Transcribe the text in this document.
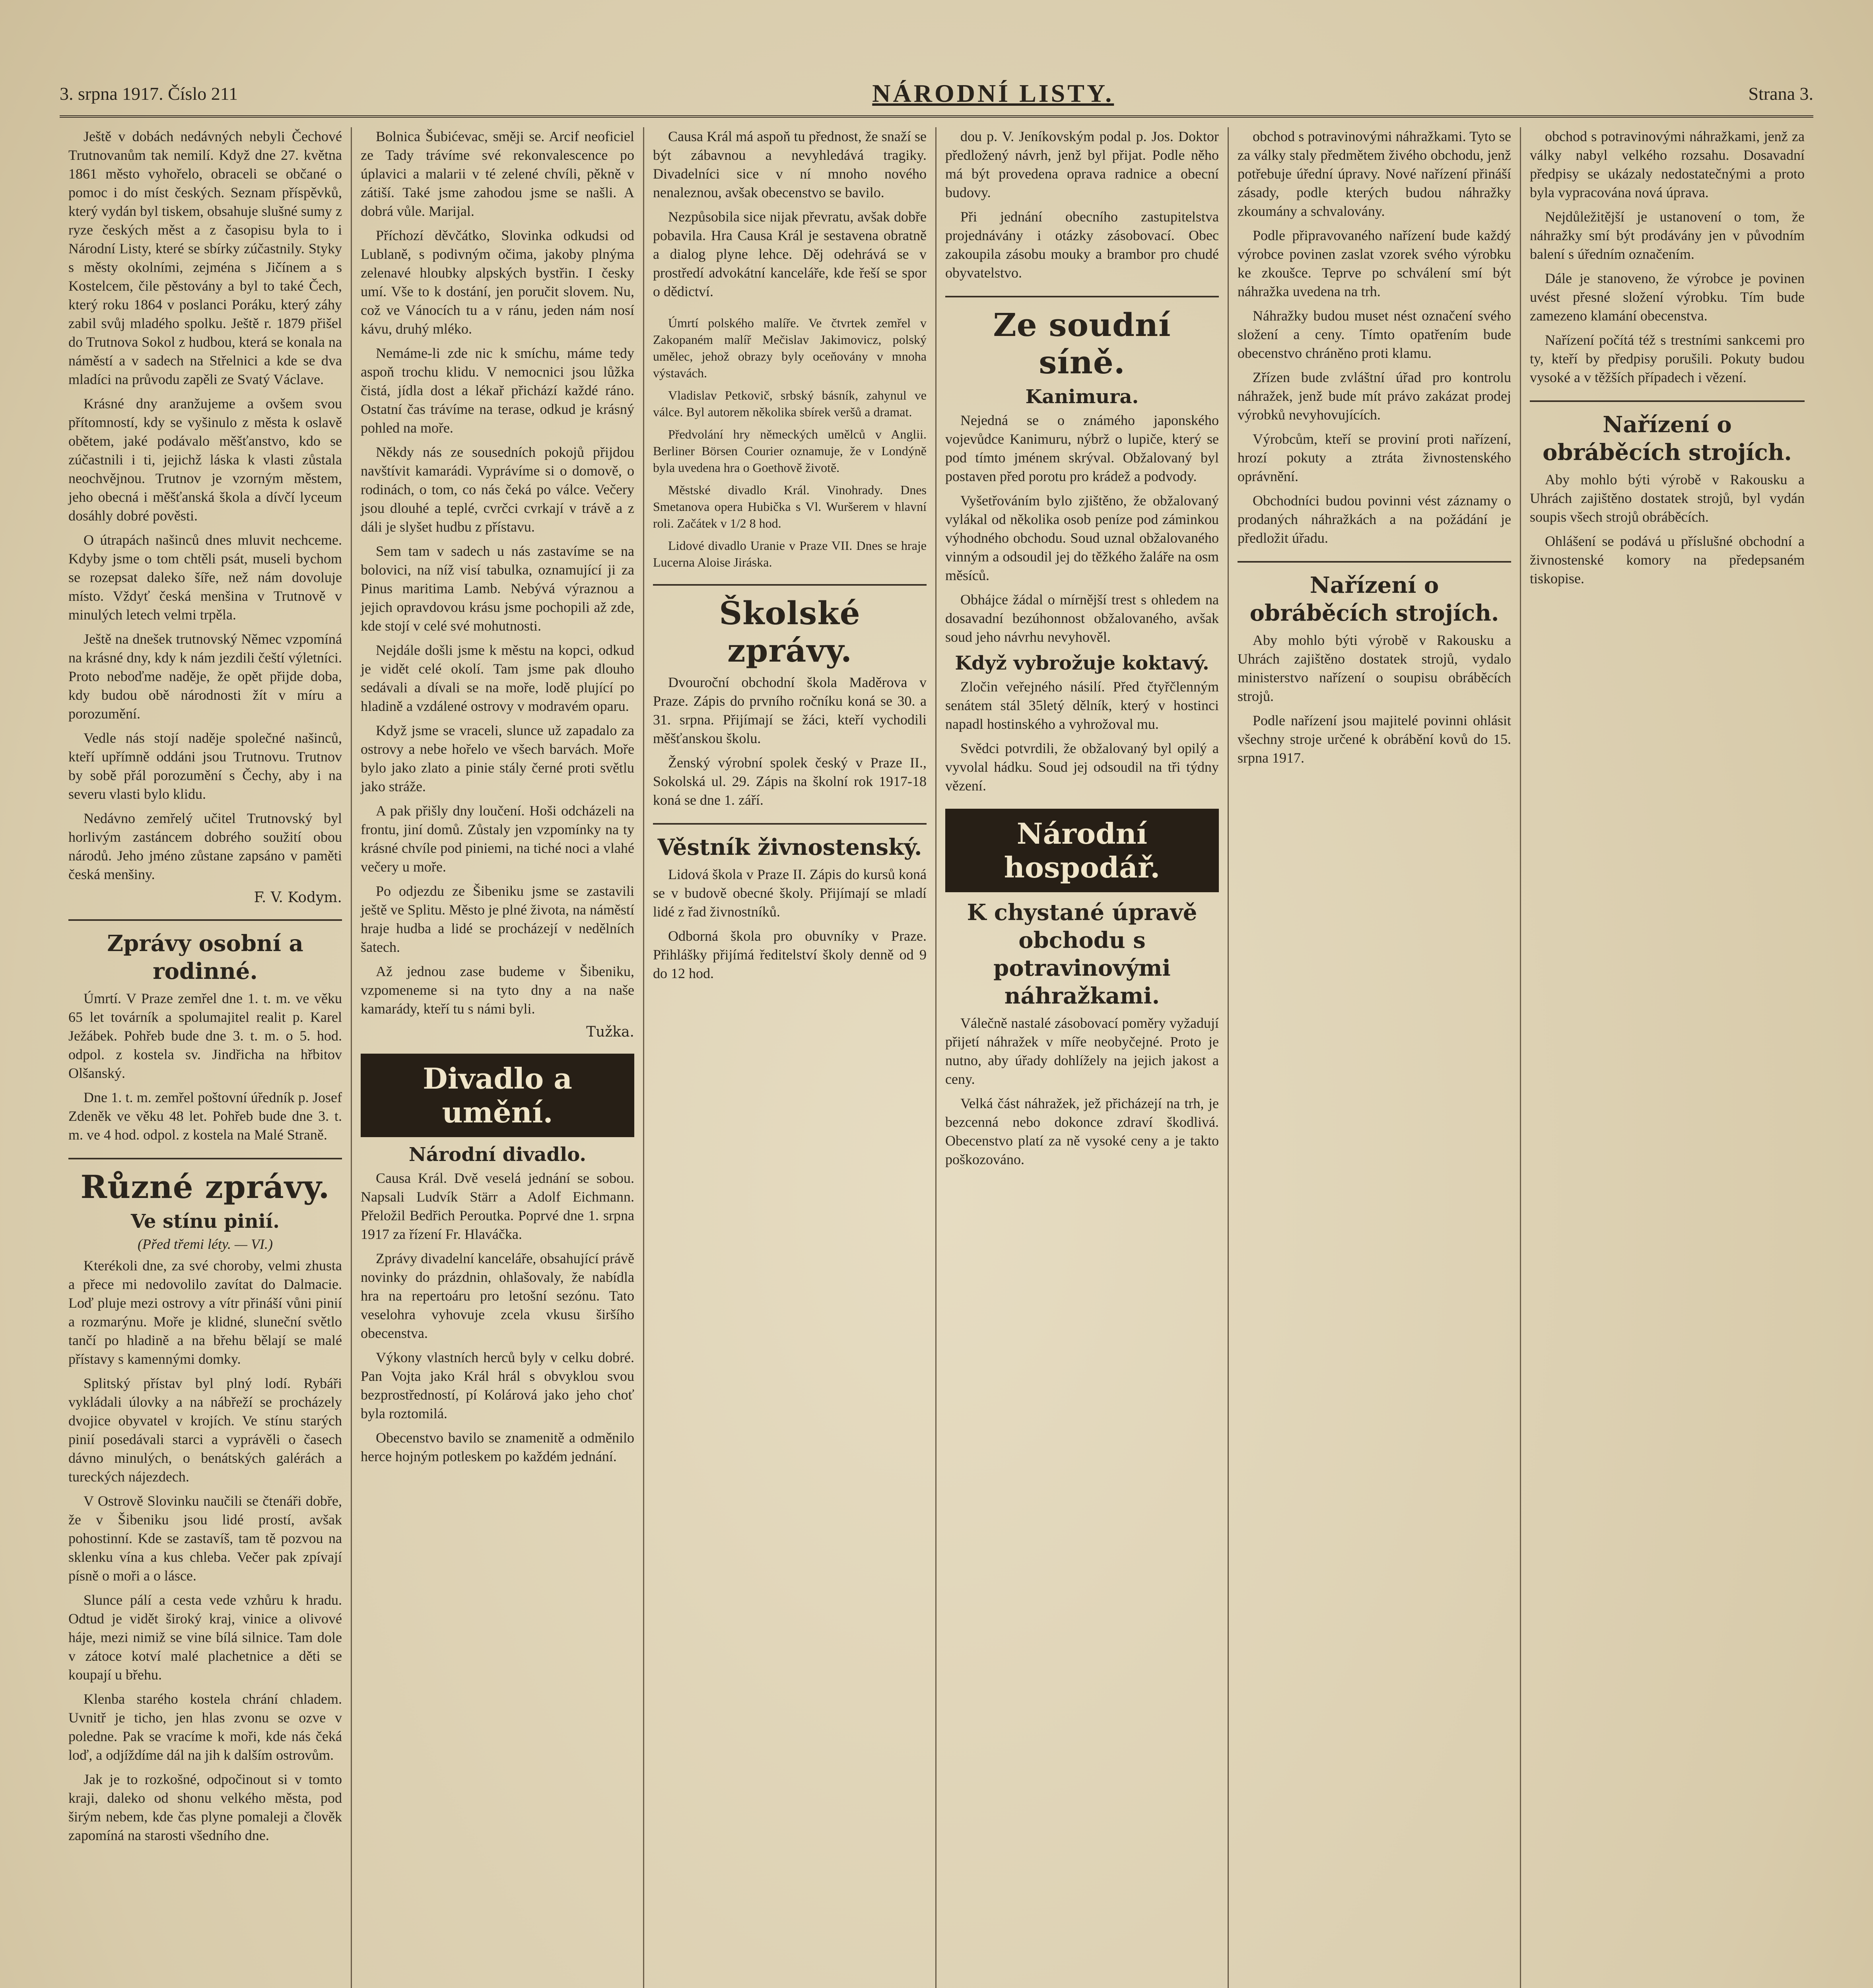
3. srpna 1917. Číslo 211	NÁRODNÍ LISTY.	Strana 3.

Ještě v dobách nedávných nebyli Čechové Trutnovanům tak nemilí. Když dne 27. května 1861 město vyhořelo, obraceli se občané o pomoc i do míst českých. Seznam příspěvků, který vydán byl tiskem, obsahuje slušné sumy z ryze českých měst a z časopisu byla to i Národní Listy, které se sbírky zúčastnily. Styky s městy okolními, zejména s Jičínem a s Kostelcem, čile pěstovány a byl to také Čech, který roku 1864 v poslanci Poráku, který záhy zabil svůj mladého spolku. Ještě r. 1879 přišel do Trutnova Sokol z hudbou, která se konala na náměstí a v sadech na Střelnici a kde se dva mladíci na průvodu zapěli ze Svatý Václave.

Krásné dny aranžujeme a ovšem svou přítomností, kdy se vyšinulo z města k oslavě obětem, jaké podávalo měšťanstvo, kdo se zúčastnili i ti, jejichž láska k vlasti zůstala neochvějnou. Trutnov je vzorným městem, jeho obecná i měšťanská škola a dívčí lyceum dosáhly dobré pověsti.

O útrapách našinců dnes mluvit nechceme. Kdyby jsme o tom chtěli psát, museli bychom se rozepsat daleko šíře, než nám dovoluje místo. Vždyť česká menšina v Trutnově v minulých letech velmi trpěla.

Ještě na dnešek trutnovský Němec vzpomíná na krásné dny, kdy k nám jezdili čeští výletníci. Proto neboďme naděje, že opět přijde doba, kdy budou obě národnosti žít v míru a porozumění.

Vedle nás stojí naděje společné našinců, kteří upřímně oddáni jsou Trutnovu. Trutnov by sobě přál porozumění s Čechy, aby i na severu vlasti bylo klidu.

Nedávno zemřelý učitel Trutnovský byl horlivým zastáncem dobrého soužití obou národů. Jeho jméno zůstane zapsáno v paměti česká menšiny.

F. V. Kodym.
Zprávy osobní a rodinné.

Úmrtí. V Praze zemřel dne 1. t. m. ve věku 65 let továrník a spolumajitel realit p. Karel Ježábek. Pohřeb bude dne 3. t. m. o 5. hod. odpol. z kostela sv. Jindřicha na hřbitov Olšanský.

Dne 1. t. m. zemřel poštovní úředník p. Josef Zdeněk ve věku 48 let. Pohřeb bude dne 3. t. m. ve 4 hod. odpol. z kostela na Malé Straně.

Různé zprávy.
Ve stínu pinií.
(Před třemi léty. — VI.)

Kterékoli dne, za své choroby, velmi zhusta a přece mi nedovolilo zavítat do Dalmacie. Loď pluje mezi ostrovy a vítr přináší vůni pinií a rozmarýnu. Moře je klidné, sluneční světlo tančí po hladině a na břehu bělají se malé přístavy s kamennými domky.

Splitský přístav byl plný lodí. Rybáři vykládali úlovky a na nábřeží se procházely dvojice obyvatel v krojích. Ve stínu starých pinií posedávali starci a vyprávěli o časech dávno minulých, o benátských galérách a tureckých nájezdech.

V Ostrově Slovinku naučili se čtenáři dobře, že v Šibeniku jsou lidé prostí, avšak pohostinní. Kde se zastavíš, tam tě pozvou na sklenku vína a kus chleba. Večer pak zpívají písně o moři a o lásce.

Slunce pálí a cesta vede vzhůru k hradu. Odtud je vidět široký kraj, vinice a olivové háje, mezi nimiž se vine bílá silnice. Tam dole v zátoce kotví malé plachetnice a děti se koupají u břehu.

Klenba starého kostela chrání chladem. Uvnitř je ticho, jen hlas zvonu se ozve v poledne. Pak se vracíme k moři, kde nás čeká loď, a odjíždíme dál na jih k dalším ostrovům.

Jak je to rozkošné, odpočinout si v tomto kraji, daleko od shonu velkého města, pod širým nebem, kde čas plyne pomaleji a člověk zapomíná na starosti všedního dne.

Bolnica Šubićevac, směji se. Arcif neoficiel ze Tady trávíme své rekonvalescence po úplavici a malarii v té zelené chvíli, pěkně v zátiší. Také jsme zahodou jsme se našli. A dobrá vůle. Marijal.

Příchozí děvčátko, Slovinka odkudsi od Lublaně, s podivným očima, jakoby plnýma zelenavé hloubky alpských bystřin. I česky umí. Vše to k dostání, jen poručit slovem. Nu, což ve Vánocích tu a v ránu, jeden nám nosí kávu, druhý mléko.

Nemáme-li zde nic k smíchu, máme tedy aspoň trochu klidu. V nemocnici jsou lůžka čistá, jídla dost a lékař přichází každé ráno. Ostatní čas trávíme na terase, odkud je krásný pohled na moře.

Někdy nás ze sousedních pokojů přijdou navštívit kamarádi. Vyprávíme si o domově, o rodinách, o tom, co nás čeká po válce. Večery jsou dlouhé a teplé, cvrčci cvrkají v trávě a z dáli je slyšet hudbu z přístavu.

Sem tam v sadech u nás zastavíme se na bolovici, na níž visí tabulka, oznamující ji za Pinus maritima Lamb. Nebývá výraznou a jejich opravdovou krásu jsme pochopili až zde, kde stojí v celé své mohutnosti.

Nejdále došli jsme k městu na kopci, odkud je vidět celé okolí. Tam jsme pak dlouho sedávali a dívali se na moře, lodě plující po hladině a vzdálené ostrovy v modravém oparu.

Když jsme se vraceli, slunce už zapadalo za ostrovy a nebe hořelo ve všech barvách. Moře bylo jako zlato a pinie stály černé proti světlu jako stráže.

A pak přišly dny loučení. Hoši odcházeli na frontu, jiní domů. Zůstaly jen vzpomínky na ty krásné chvíle pod piniemi, na tiché noci a vlahé večery u moře.

Po odjezdu ze Šibeniku jsme se zastavili ještě ve Splitu. Město je plné života, na náměstí hraje hudba a lidé se procházejí v nedělních šatech.

Až jednou zase budeme v Šibeniku, vzpomeneme si na tyto dny a na naše kamarády, kteří tu s námi byli.

Tužka.
Divadlo a umění.
Národní divadlo.

Causa Král. Dvě veselá jednání se sobou. Napsali Ludvík Stärr a Adolf Eichmann. Přeložil Bedřich Peroutka. Poprvé dne 1. srpna 1917 za řízení Fr. Hlaváčka.

Zprávy divadelní kanceláře, obsahující právě novinky do prázdnin, ohlašovaly, že nabídla hra na repertoáru pro letošní sezónu. Tato veselohra vyhovuje zcela vkusu širšího obecenstva.

Výkony vlastních herců byly v celku dobré. Pan Vojta jako Král hrál s obvyklou svou bezprostředností, pí Kolárová jako jeho choť byla roztomilá.

Obecenstvo bavilo se znamenitě a odměnilo herce hojným potleskem po každém jednání.

Causa Král má aspoň tu přednost, že snaží se být zábavnou a nevyhledává tragiky. Divadelníci sice v ní mnoho nového nenaleznou, avšak obecenstvo se bavilo.

Nezpůsobila sice nijak převratu, avšak dobře pobavila. Hra Causa Král je sestavena obratně a dialog plyne lehce. Děj odehrává se v prostředí advokátní kanceláře, kde řeší se spor o dědictví.

Úmrtí polského malíře. Ve čtvrtek zemřel v Zakopaném malíř Mečislav Jakimovicz, polský umělec, jehož obrazy byly oceňovány v mnoha výstavách.

Vladislav Petkovič, srbský básník, zahynul ve válce. Byl autorem několika sbírek veršů a dramat.

Předvolání hry německých umělců v Anglii. Berliner Börsen Courier oznamuje, že v Londýně byla uvedena hra o Goethově životě.

Městské divadlo Král. Vinohrady. Dnes Smetanova opera Hubička s Vl. Wuršerem v hlavní roli. Začátek v 1/2 8 hod.

Lidové divadlo Uranie v Praze VII. Dnes se hraje Lucerna Aloise Jiráska.

Školské zprávy.

Dvouroční obchodní škola Maděrova v Praze. Zápis do prvního ročníku koná se 30. a 31. srpna. Přijímají se žáci, kteří vychodili měšťanskou školu.

Ženský výrobní spolek český v Praze II., Sokolská ul. 29. Zápis na školní rok 1917-18 koná se dne 1. září.

Věstník živnostenský.

Lidová škola v Praze II. Zápis do kursů koná se v budově obecné školy. Přijímají se mladí lidé z řad živnostníků.

Odborná škola pro obuvníky v Praze. Přihlášky přijímá ředitelství školy denně od 9 do 12 hod.

dou p. V. Jeníkovským podal p. Jos. Doktor předložený návrh, jenž byl přijat. Podle něho má být provedena oprava radnice a obecní budovy.

Při jednání obecního zastupitelstva projednávány i otázky zásobovací. Obec zakoupila zásobu mouky a brambor pro chudé obyvatelstvo.

Ze soudní síně.
Kanimura.

Nejedná se o známého japonského vojevůdce Kanimuru, nýbrž o lupiče, který se pod tímto jménem skrýval. Obžalovaný byl postaven před porotu pro krádež a podvody.

Vyšetřováním bylo zjištěno, že obžalovaný vylákal od několika osob peníze pod záminkou výhodného obchodu. Soud uznal obžalovaného vinným a odsoudil jej do těžkého žaláře na osm měsíců.

Obhájce žádal o mírnější trest s ohledem na dosavadní bezúhonnost obžalovaného, avšak soud jeho návrhu nevyhověl.

Když vybrožuje koktavý.

Zločin veřejného násilí. Před čtyřčlenným senátem stál 35letý dělník, který v hostinci napadl hostinského a vyhrožoval mu.

Svědci potvrdili, že obžalovaný byl opilý a vyvolal hádku. Soud jej odsoudil na tři týdny vězení.

Národní hospodář.
K chystané úpravě obchodu s potravinovými náhražkami.

Válečně nastalé zásobovací poměry vyžadují přijetí náhražek v míře neobyčejné. Proto je nutno, aby úřady dohlížely na jejich jakost a ceny.

Velká část náhražek, jež přicházejí na trh, je bezcenná nebo dokonce zdraví škodlivá. Obecenstvo platí za ně vysoké ceny a je takto poškozováno.

obchod s potravinovými náhražkami. Tyto se za války staly předmětem živého obchodu, jenž potřebuje úřední úpravy. Nové nařízení přináší zásady, podle kterých budou náhražky zkoumány a schvalovány.

Podle připravovaného nařízení bude každý výrobce povinen zaslat vzorek svého výrobku ke zkoušce. Teprve po schválení smí být náhražka uvedena na trh.

Náhražky budou muset nést označení svého složení a ceny. Tímto opatřením bude obecenstvo chráněno proti klamu.

Zřízen bude zvláštní úřad pro kontrolu náhražek, jenž bude mít právo zakázat prodej výrobků nevyhovujících.

Výrobcům, kteří se proviní proti nařízení, hrozí pokuty a ztráta živnostenského oprávnění.

Obchodníci budou povinni vést záznamy o prodaných náhražkách a na požádání je předložit úřadu.

Nařízení o obráběcích strojích.

Aby mohlo býti výrobě v Rakousku a Uhrách zajištěno dostatek strojů, vydalo ministerstvo nařízení o soupisu obráběcích strojů.

Podle nařízení jsou majitelé povinni ohlásit všechny stroje určené k obrábění kovů do 15. srpna 1917.

obchod s potravinovými náhražkami, jenž za války nabyl velkého rozsahu. Dosavadní předpisy se ukázaly nedostatečnými a proto byla vypracována nová úprava.

Nejdůležitější je ustanovení o tom, že náhražky smí být prodávány jen v původním balení s úředním označením.

Dále je stanoveno, že výrobce je povinen uvést přesné složení výrobku. Tím bude zamezeno klamání obecenstva.

Nařízení počítá též s trestními sankcemi pro ty, kteří by předpisy porušili. Pokuty budou vysoké a v těžších případech i vězení.

Nařízení o obráběcích strojích.

Aby mohlo býti výrobě v Rakousku a Uhrách zajištěno dostatek strojů, byl vydán soupis všech strojů obráběcích.

Ohlášení se podává u příslušné obchodní a živnostenské komory na předepsaném tiskopise.
